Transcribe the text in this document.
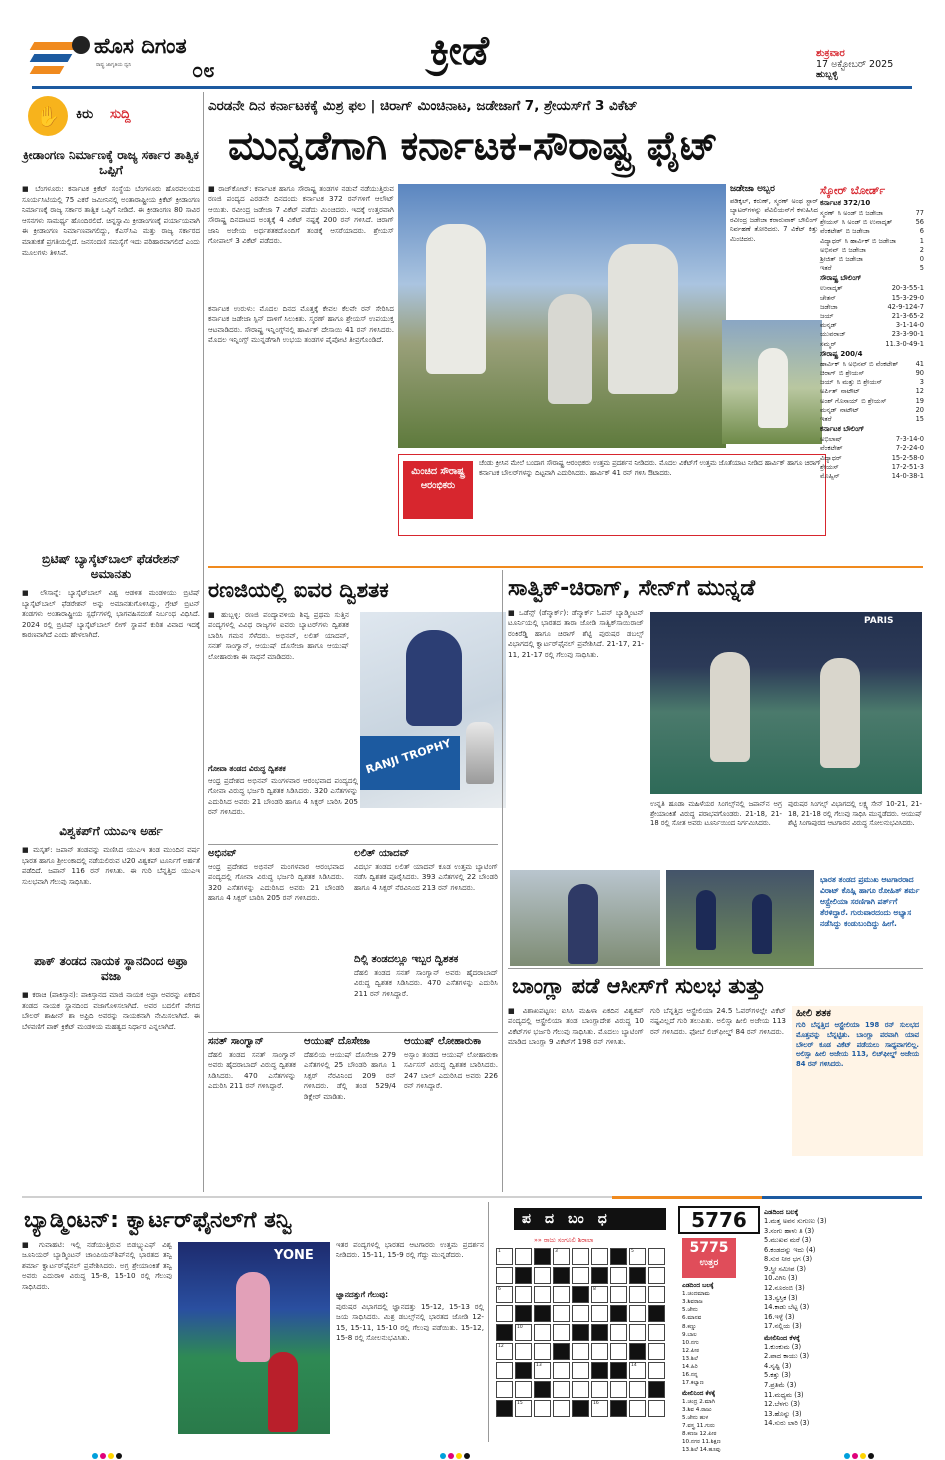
ಹೊಸ ದಿಗಂತ
ರಾಷ್ಟ್ರ ಜಾಗೃತಿಯ ಧ್ವನಿ	೦೮	ಕ್ರೀಡೆ	ಶುಕ್ರವಾರ
17 ಅಕ್ಟೋಬರ್ 2025
ಹುಬ್ಬಳ್ಳಿ
✋	ಕಿರು ಸುದ್ದಿ
ಕ್ರೀಡಾಂಗಣ ನಿರ್ಮಾಣಕ್ಕೆ ರಾಜ್ಯ ಸರ್ಕಾರ ತಾತ್ವಿಕ ಒಪ್ಪಿಗೆ
■ ಬೆಂಗಳೂರು: ಕರ್ನಾಟಕ ಕ್ರಿಕೆಟ್ ಸಂಸ್ಥೆಯ ಬೆಂಗಳೂರು ಹೊರವಲಯದ ಸೂರ್ಯಸಿಟಿಯಲ್ಲಿ 75 ಎಕರೆ ಜಮೀನಿನಲ್ಲಿ ಅಂತಾರಾಷ್ಟ್ರೀಯ ಕ್ರಿಕೆಟ್ ಕ್ರೀಡಾಂಗಣ ನಿರ್ಮಾಣಕ್ಕೆ ರಾಜ್ಯ ಸರ್ಕಾರ ತಾತ್ವಿಕ ಒಪ್ಪಿಗೆ ನೀಡಿದೆ. ಈ ಕ್ರೀಡಾಂಗಣ 80 ಸಾವಿರ ಆಸನಗಳು ಸಾಮರ್ಥ್ಯ ಹೊಂದಿರಲಿದೆ. ಚಿನ್ನಸ್ವಾಮಿ ಕ್ರೀಡಾಂಗಣಕ್ಕೆ ಪರ್ಯಾಯವಾಗಿ ಈ ಕ್ರೀಡಾಂಗಣ ನಿರ್ಮಾಣವಾಗಲಿದ್ದು, ಕೆಎಸ್‌ಸಿಎ ಮತ್ತು ರಾಜ್ಯ ಸರ್ಕಾರದ ಮಾತುಕತೆ ಪ್ರಗತಿಯಲ್ಲಿದೆ. ಜನಸಂದಣಿ ಸಮಸ್ಯೆಗೆ ಇದು ಪರಿಹಾರವಾಗಲಿದೆ ಎಂದು ಮೂಲಗಳು ತಿಳಿಸಿವೆ.
ಬ್ರಿಟಿಷ್ ಬ್ಯಾಸ್ಕೆಟ್‌ಬಾಲ್ ಫೆಡರೇಶನ್ ಅಮಾನತು
■ ಲೌಸಾನ್ನೆ: ಬ್ಯಾಸ್ಕೆಟ್‌ಬಾಲ್ ವಿಶ್ವ ಆಡಳಿತ ಮಂಡಳಿಯು ಬ್ರಿಟಿಷ್ ಬ್ಯಾಸ್ಕೆಟ್‌ಬಾಲ್ ಫೆಡರೇಶನ್ ಅನ್ನು ಅಮಾನತುಗೊಳಿಸಿದ್ದು, ಗ್ರೇಟ್ ಬ್ರಿಟನ್ ತಂಡಗಳು ಅಂತಾರಾಷ್ಟ್ರೀಯ ಸ್ಪರ್ಧೆಗಳಲ್ಲಿ ಭಾಗವಹಿಸದಂತೆ ನಿರ್ಬಂಧ ವಿಧಿಸಿದೆ. 2024 ರಲ್ಲಿ ಬ್ರಿಟಿಷ್ ಬ್ಯಾಸ್ಕೆಟ್‌ಬಾಲ್ ಲೀಗ್ ಸ್ಥಾಪನೆ ಕುರಿತ ವಿವಾದ ಇದಕ್ಕೆ ಕಾರಣವಾಗಿದೆ ಎಂದು ಹೇಳಲಾಗಿದೆ.
ವಿಶ್ವಕಪ್‌ಗೆ ಯುಎಇ ಅರ್ಹ
■ ಮಸ್ಕತ್: ಜಪಾನ್ ತಂಡವನ್ನು ಮಣಿಸಿದ ಯುಎಇ ತಂಡ ಮುಂದಿನ ವರ್ಷ ಭಾರತ ಹಾಗೂ ಶ್ರೀಲಂಕಾದಲ್ಲಿ ನಡೆಯಲಿರುವ ಟಿ20 ವಿಶ್ವಕಪ್ ಟೂರ್ನಿಗೆ ಅರ್ಹತೆ ಪಡೆದಿದೆ. ಜಪಾನ್ 116 ರನ್ ಗಳಿಸಿತು. ಈ ಗುರಿ ಬೆನ್ನತ್ತಿದ ಯುಎಇ ಸುಲಭವಾಗಿ ಗೆಲುವು ಸಾಧಿಸಿತು.
ಪಾಕ್ ತಂಡದ ನಾಯಕ ಸ್ಥಾನದಿಂದ ಅಫ್ರಾ ವಜಾ
■ ಕರಾಚಿ (ಪಾಕಿಸ್ತಾನ): ಪಾಕಿಸ್ತಾನದ ಮಾಜಿ ನಾಯಕ ಅಫ್ರಾ ಅವರನ್ನು ಏಕದಿನ ತಂಡದ ನಾಯಕ ಸ್ಥಾನದಿಂದ ವಜಾಗೊಳಿಸಲಾಗಿದೆ. ಅವರ ಬದಲಿಗೆ ವೇಗದ ಬೌಲರ್ ಶಾಹೀನ್ ಶಾ ಅಫ್ರಿದಿ ಅವರನ್ನು ನಾಯಕನಾಗಿ ನೇಮಿಸಲಾಗಿದೆ. ಈ ಬೆಳವಣಿಗೆ ಪಾಕ್ ಕ್ರಿಕೆಟ್ ಮಂಡಳಿಯ ಮಹತ್ವದ ನಿರ್ಧಾರ ಎನ್ನಲಾಗಿದೆ.
ಎರಡನೇ ದಿನ ಕರ್ನಾಟಕಕ್ಕೆ ಮಿಶ್ರ ಫಲ | ಚಿರಾಗ್ ಮಿಂಚಿನಾಟ, ಜಡೇಜಾಗೆ 7, ಶ್ರೇಯಸ್‌ಗೆ 3 ವಿಕೆಟ್
ಮುನ್ನಡೆಗಾಗಿ ಕರ್ನಾಟಕ-ಸೌರಾಷ್ಟ್ರ ಫೈಟ್
■ ರಾಜ್‌ಕೋಟ್: ಕರ್ನಾಟಕ ಹಾಗೂ ಸೌರಾಷ್ಟ್ರ ತಂಡಗಳ ನಡುವೆ ನಡೆಯುತ್ತಿರುವ ರಣಜಿ ಪಂದ್ಯದ ಎರಡನೇ ದಿನದಂದು ಕರ್ನಾಟಕ 372 ರನ್‌ಗಳಿಗೆ ಆಲೌಟ್ ಆಯಿತು. ರವೀಂದ್ರ ಜಡೇಜಾ 7 ವಿಕೆಟ್ ಪಡೆದು ಮಿಂಚಿದರು. ಇದಕ್ಕೆ ಉತ್ತರವಾಗಿ ಸೌರಾಷ್ಟ್ರ ದಿನದಾಟದ ಅಂತ್ಯಕ್ಕೆ 4 ವಿಕೆಟ್ ನಷ್ಟಕ್ಕೆ 200 ರನ್ ಗಳಿಸಿದೆ. ಚಿರಾಗ್ ಜಾನಿ ಅಜೇಯ ಅರ್ಧಶತಕದೊಂದಿಗೆ ತಂಡಕ್ಕೆ ಆಸರೆಯಾದರು. ಶ್ರೇಯಸ್ ಗೋಪಾಲ್ 3 ವಿಕೆಟ್ ಪಡೆದರು.
ಕರ್ನಾಟಕ ಉರುಳು: ಮೊದಲ ದಿನದ ಮೊತ್ತಕ್ಕೆ ಕೇವಲ ಕೆಲವೇ ರನ್ ಸೇರಿಸಿದ ಕರ್ನಾಟಕ ಜಡೇಜಾ ಸ್ಪಿನ್ ದಾಳಿಗೆ ಸಿಲುಕಿತು. ಸ್ಮರಣ್ ಹಾಗೂ ಶ್ರೇಯಸ್ ಉಪಯುಕ್ತ ಆಟವಾಡಿದರು. ಸೌರಾಷ್ಟ್ರ ಇನ್ನಿಂಗ್ಸ್‌ನಲ್ಲಿ ಹಾರ್ವಿಕ್ ದೇಸಾಯಿ 41 ರನ್ ಗಳಿಸಿದರು. ಮೊದಲ ಇನ್ನಿಂಗ್ಸ್ ಮುನ್ನಡೆಗಾಗಿ ಉಭಯ ತಂಡಗಳ ಪೈಪೋಟಿ ತೀವ್ರಗೊಂಡಿದೆ.
ಜಡೇಜಾ ಅಬ್ಬರ
ಪಡಿಕ್ಕಲ್, ಕರುಣ್, ಸ್ಮರಣ್ ಅಂಥ ಸ್ಟಾರ್ ಬ್ಯಾಟರ್‌ಗಳನ್ನು ಪೆವಿಲಿಯನ್‌ಗೆ ಕಳುಹಿಸಿದ ರವೀಂದ್ರ ಜಡೇಜಾ ಕರಾರುವಾಕ್ ಬೌಲಿಂಗ್ ನಿರ್ವಹಣೆ ತೋರಿದರು. 7 ವಿಕೆಟ್ ಕಿತ್ತು ಮಿಂಚಿದರು.
ಮಿಂಚಿದ ಸೌರಾಷ್ಟ್ರ ಆರಂಭಿಕರು
ಚೆಂಡು ಕ್ರೀಸಿನ ಮೇಲೆ ಬಂದಾಗ ಸೌರಾಷ್ಟ್ರ ಆರಂಭಿಕರು ಉತ್ತಮ ಪ್ರದರ್ಶನ ನೀಡಿದರು. ಮೊದಲ ವಿಕೆಟ್‌ಗೆ ಉತ್ತಮ ಜೊತೆಯಾಟ ನೀಡಿದ ಹಾರ್ವಿಕ್ ಹಾಗೂ ಚಿರಾಗ್ ಕರ್ನಾಟಕ ಬೌಲರ್‌ಗಳನ್ನು ದಿಟ್ಟವಾಗಿ ಎದುರಿಸಿದರು. ಹಾರ್ವಿಕ್ 41 ರನ್ ಗಳಿಸಿ ಔಟಾದರು.
ಸ್ಕೋರ್ ಬೋರ್ಡ್
ಕರ್ನಾಟಕ 372/10
ಸ್ಮರಣ್ ಸಿ ಅಂಡ್ ಬಿ ಜಡೇಜಾ	77
ಶ್ರೇಯಸ್ ಸಿ ಅಂಡ್ ಬಿ ಉನಾದ್ಕತ್	56
ವೆಂಕಟೇಶ್ ಬಿ ಜಡೇಜಾ	6
ವಿದ್ಯಾಧರ್ ಸಿ ಹಾರ್ವಿಕ್ ಬಿ ಜಡೇಜಾ	1
ಅಭಿನವ್ ಬಿ ಜಡೇಜಾ	2
ಶ್ರೀಜಿತ್ ಬಿ ಜಡೇಜಾ	0
ಇತರೆ	5
ಸೌರಾಷ್ಟ್ರ ಬೌಲಿಂಗ್
ಉನಾದ್ಕತ್	20-3-55-1
ಚೇತನ್	15-3-29-0
ಜಡೇಜಾ	42-9-124-7
ಜಯ್	21-3-65-2
ಮನ್ಕಡ್	3-1-14-0
ಯುವರಾಜ್	23-3-90-1
ಸಮ್ಮರ್	11.3-0-49-1
ಸೌರಾಷ್ಟ್ರ 200/4
ಹಾರ್ವಿಕ್ ಸಿ ಅಭಿನವ್ ಬಿ ವೆಂಕಟೇಶ್	41
ಚಿರಾಗ್ ಬಿ ಶ್ರೇಯಸ್	90
ಜಯ್ ಸಿ ಮತ್ತು ಬಿ ಶ್ರೇಯಸ್	3
ಅರ್ಪಿತ್ ನಾಟೌಟ್	12
ಅಂಶ್ ಗೊಸಾಯ್ ಬಿ ಶ್ರೇಯಸ್	19
ಮನ್ಕಡ್ ನಾಟೌಟ್	20
ಇತರೆ	15
ಕರ್ನಾಟಕ ಬೌಲಿಂಗ್
ಅಭಿಲಾಷ್	7-3-14-0
ವೆಂಕಟೇಶ್	7-2-24-0
ವಿದ್ಯಾಧರ್	15-2-58-0
ಶ್ರೇಯಸ್	17-2-51-3
ಮೊಹ್ಸಿನ್	14-0-38-1
ರಣಜಿಯಲ್ಲಿ ಐವರ ದ್ವಿಶತಕ
■ ಹುಬ್ಬಳ್ಳಿ: ರಣಜಿ ಪಂದ್ಯಾವಳಿಯ ಶಿವ್ವ ಪ್ರಥಮ ಸುತ್ತಿನ ಪಂದ್ಯಗಳಲ್ಲಿ ವಿವಿಧ ರಾಜ್ಯಗಳ ಐವರು ಬ್ಯಾಟರ್‌ಗಳು ದ್ವಿಶತಕ ಬಾರಿಸಿ ಗಮನ ಸೆಳೆದರು. ಅಭಿನವ್, ಲಲಿತ್ ಯಾದವ್, ಸನತ್ ಸಾಂಗ್ವಾನ್, ಆಯುಷ್ ದೊಸೇಜಾ ಹಾಗೂ ಆಯುಷ್ ಲೋಹಾರುಕಾ ಈ ಸಾಧನೆ ಮಾಡಿದರು.
RANJI TROPHY
ಗೋವಾ ತಂಡದ ವಿರುದ್ಧ ದ್ವಿಶತಕ
ಆಂಧ್ರ ಪ್ರದೇಶದ ಅಭಿನವ್ ಮಂಗಳವಾರ ಆರಂಭವಾದ ಪಂದ್ಯದಲ್ಲಿ ಗೋವಾ ವಿರುದ್ಧ ಭರ್ಜರಿ ದ್ವಿಶತಕ ಸಿಡಿಸಿದರು. 320 ಎಸೆತಗಳನ್ನು ಎದುರಿಸಿದ ಅವರು 21 ಬೌಂಡರಿ ಹಾಗೂ 4 ಸಿಕ್ಸರ್ ಬಾರಿಸಿ 205 ರನ್ ಗಳಿಸಿದರು.
ಅಭಿನವ್
ಆಂಧ್ರ ಪ್ರದೇಶದ ಅಭಿನವ್ ಮಂಗಳವಾರ ಆರಂಭವಾದ ಪಂದ್ಯದಲ್ಲಿ ಗೋವಾ ವಿರುದ್ಧ ಭರ್ಜರಿ ದ್ವಿಶತಕ ಸಿಡಿಸಿದರು. 320 ಎಸೆತಗಳನ್ನು ಎದುರಿಸಿದ ಅವರು 21 ಬೌಂಡರಿ ಹಾಗೂ 4 ಸಿಕ್ಸರ್ ಬಾರಿಸಿ 205 ರನ್ ಗಳಿಸಿದರು.
ಲಲಿತ್ ಯಾದವ್
ವಿದರ್ಭ ತಂಡದ ಲಲಿತ್ ಯಾದವ್ ಕೂಡ ಉತ್ತಮ ಬ್ಯಾಟಿಂಗ್ ನಡೆಸಿ ದ್ವಿಶತಕ ಪೂರೈಸಿದರು. 393 ಎಸೆತಗಳಲ್ಲಿ 22 ಬೌಂಡರಿ ಹಾಗೂ 4 ಸಿಕ್ಸರ್ ನೆರವಿನಿಂದ 213 ರನ್ ಗಳಿಸಿದರು.
ದಿಲ್ಲಿ ತಂಡದಲ್ಲೂ ಇಬ್ಬರ ದ್ವಿಶತಕ
ದೆಹಲಿ ತಂಡದ ಸನತ್ ಸಾಂಗ್ವಾನ್ ಅವರು ಹೈದರಾಬಾದ್ ವಿರುದ್ಧ ದ್ವಿಶತಕ ಸಿಡಿಸಿದರು. 470 ಎಸೆತಗಳನ್ನು ಎದುರಿಸಿ 211 ರನ್ ಗಳಿಸಿದ್ದಾರೆ.
ಸನತ್ ಸಾಂಗ್ವಾನ್
ದೆಹಲಿ ತಂಡದ ಸನತ್ ಸಾಂಗ್ವಾನ್ ಅವರು ಹೈದರಾಬಾದ್ ವಿರುದ್ಧ ದ್ವಿಶತಕ ಸಿಡಿಸಿದರು. 470 ಎಸೆತಗಳನ್ನು ಎದುರಿಸಿ 211 ರನ್ ಗಳಿಸಿದ್ದಾರೆ.
ಆಯುಷ್ ದೊಸೇಜಾ
ದೆಹಲಿಯ ಆಯುಷ್ ದೊಸೇಜಾ 279 ಎಸೆತಗಳಲ್ಲಿ 25 ಬೌಂಡರಿ ಹಾಗೂ 1 ಸಿಕ್ಸರ್ ನೆರವಿನಿಂದ 209 ರನ್ ಗಳಿಸಿದರು. ಡೆಲ್ಲಿ ತಂಡ 529/4 ಡಿಕ್ಲೇರ್ ಮಾಡಿತು.
ಆಯುಷ್ ಲೋಹಾರುಕಾ
ಅಸ್ಸಾಂ ತಂಡದ ಆಯುಷ್ ಲೋಹಾರುಕಾ ಸರ್ವಿಸಸ್ ವಿರುದ್ಧ ದ್ವಿಶತಕ ಬಾರಿಸಿದರು. 247 ಬಾಲ್ ಎದುರಿಸಿದ ಅವರು 226 ರನ್ ಗಳಿಸಿದ್ದಾರೆ.
ಸಾತ್ವಿಕ್-ಚಿರಾಗ್, ಸೇನ್‌ಗೆ ಮುನ್ನಡೆ
■ ಒಡೆನ್ಸ್ (ಡೆನ್ಮಾರ್ಕ್): ಡೆನ್ಮಾರ್ಕ್ ಓಪನ್ ಬ್ಯಾಡ್ಮಿಂಟನ್ ಟೂರ್ನಿಯಲ್ಲಿ ಭಾರತದ ತಾರಾ ಜೋಡಿ ಸಾತ್ವಿಕ್‌ಸಾಯಿರಾಜ್ ರಂಕಿರೆಡ್ಡಿ ಹಾಗೂ ಚಿರಾಗ್ ಶೆಟ್ಟಿ ಪುರುಷರ ಡಬಲ್ಸ್ ವಿಭಾಗದಲ್ಲಿ ಕ್ವಾರ್ಟರ್‌ಫೈನಲ್ ಪ್ರವೇಶಿಸಿದೆ. 21-17, 21-11, 21-17 ರಲ್ಲಿ ಗೆಲುವು ಸಾಧಿಸಿತು.
PARIS
ಉನ್ನತಿ ಹೂಡಾ ಮಹಿಳೆಯರ ಸಿಂಗಲ್ಸ್‌ನಲ್ಲಿ ಜಪಾನ್‌ನ ಅಗ್ರ ಶ್ರೇಯಾಂಕಿತೆ ವಿರುದ್ಧ ಪರಾಭವಗೊಂಡರು. 21-18, 21-18 ರಲ್ಲಿ ಸೋತ ಅವರು ಟೂರ್ನಿಯಿಂದ ನಿರ್ಗಮಿಸಿದರು.
ಪುರುಷರ ಸಿಂಗಲ್ಸ್ ವಿಭಾಗದಲ್ಲಿ ಲಕ್ಷ್ಯ ಸೇನ್ 10-21, 21-18, 21-18 ರಲ್ಲಿ ಗೆಲುವು ಸಾಧಿಸಿ ಮುನ್ನಡೆದರು. ಆಯುಷ್ ಶೆಟ್ಟಿ ಸಿಂಗಾಪುರದ ಆಟಗಾರನ ವಿರುದ್ಧ ಸೋಲನುಭವಿಸಿದರು.
ಭಾರತ ತಂಡದ ಪ್ರಮುಖ ಆಟಗಾರರಾದ ವಿರಾಟ್ ಕೊಹ್ಲಿ ಹಾಗೂ ರೋಹಿತ್ ಶರ್ಮ ಆಸ್ಟ್ರೇಲಿಯಾ ಸರಣಿಗಾಗಿ ಪರ್ತ್‌ಗೆ ತೆರಳಿದ್ದಾರೆ. ಗುರುವಾರದಂದು ಅಭ್ಯಾಸ ನಡೆಸಿದ್ದು ಕಂಡುಬಂದಿದ್ದು ಹೀಗೆ.
ಬಾಂಗ್ಲಾ ಪಡೆ ಆಸೀಸ್‌ಗೆ ಸುಲಭ ತುತ್ತು
■ ವಿಶಾಖಪಟ್ಟಣ: ಐಸಿಸಿ ಮಹಿಳಾ ಏಕದಿನ ವಿಶ್ವಕಪ್ ಪಂದ್ಯದಲ್ಲಿ ಆಸ್ಟ್ರೇಲಿಯಾ ತಂಡ ಬಾಂಗ್ಲಾದೇಶ ವಿರುದ್ಧ 10 ವಿಕೆಟ್‌ಗಳ ಭರ್ಜರಿ ಗೆಲುವು ಸಾಧಿಸಿತು. ಮೊದಲು ಬ್ಯಾಟಿಂಗ್ ಮಾಡಿದ ಬಾಂಗ್ಲಾ 9 ವಿಕೆಟ್‌ಗೆ 198 ರನ್ ಗಳಿಸಿತು.
ಗುರಿ ಬೆನ್ನತ್ತಿದ ಆಸ್ಟ್ರೇಲಿಯಾ 24.5 ಓವರ್‌ಗಳಲ್ಲೇ ವಿಕೆಟ್ ನಷ್ಟವಿಲ್ಲದೆ ಗುರಿ ತಲುಪಿತು. ಅಲಿಸ್ಸಾ ಹೀಲಿ ಅಜೇಯ 113 ರನ್ ಗಳಿಸಿದರು. ಫೋಬೆ ಲಿಚ್‌ಫೀಲ್ಡ್ 84 ರನ್ ಗಳಿಸಿದರು.
ಹೀಲಿ ಶತಕ
ಗುರಿ ಬೆನ್ನತ್ತಿದ ಆಸ್ಟ್ರೇಲಿಯಾ 198 ರನ್ ಸುಲಭದ ಮೊತ್ತವನ್ನು ಬೆನ್ನಟ್ಟಿತು. ಬಾಂಗ್ಲಾ ಪರವಾಗಿ ಯಾವ ಬೌಲರ್ ಕೂಡ ವಿಕೆಟ್ ಪಡೆಯಲು ಸಾಧ್ಯವಾಗಲಿಲ್ಲ. ಅಲಿಸ್ಸಾ ಹೀಲಿ ಅಜೇಯ 113, ಲಿಚ್‌ಫೀಲ್ಡ್ ಅಜೇಯ 84 ರನ್ ಗಳಿಸಿದರು.
ಬ್ಯಾಡ್ಮಿಂಟನ್: ಕ್ವಾರ್ಟರ್‌ಫೈನಲ್‌ಗೆ ತನ್ವಿ
■ ಗುವಾಹಟಿ: ಇಲ್ಲಿ ನಡೆಯುತ್ತಿರುವ ಬಿಡಬ್ಲ್ಯುಎಫ್ ವಿಶ್ವ ಜೂನಿಯರ್ ಬ್ಯಾಡ್ಮಿಂಟನ್ ಚಾಂಪಿಯನ್‌ಶಿಪ್‌ನಲ್ಲಿ ಭಾರತದ ತನ್ವಿ ಶರ್ಮಾ ಕ್ವಾರ್ಟರ್‌ಫೈನಲ್ ಪ್ರವೇಶಿಸಿದರು. ಅಗ್ರ ಶ್ರೇಯಾಂಕಿತೆ ತನ್ವಿ ಅವರು ಎದುರಾಳಿ ವಿರುದ್ಧ 15-8, 15-10 ರಲ್ಲಿ ಗೆಲುವು ಸಾಧಿಸಿದರು.
YONE
ಇತರ ಪಂದ್ಯಗಳಲ್ಲಿ ಭಾರತದ ಆಟಗಾರರು ಉತ್ತಮ ಪ್ರದರ್ಶನ ನೀಡಿದರು. 15-11, 15-9 ರಲ್ಲಿ ಗೆದ್ದು ಮುನ್ನಡೆದರು.
ಜ್ಞಾನದತ್ತುಗೆ ಗೆಲುವು:
ಪುರುಷರ ವಿಭಾಗದಲ್ಲಿ ಜ್ಞಾನದತ್ತು 15-12, 15-13 ರಲ್ಲಿ ಜಯ ಸಾಧಿಸಿದರು. ಮಿಶ್ರ ಡಬಲ್ಸ್‌ನಲ್ಲಿ ಭಾರತದ ಜೋಡಿ 12-15, 15-11, 15-10 ರಲ್ಲಿ ಗೆಲುವು ಪಡೆಯಿತು. 15-12, 15-8 ರಲ್ಲಿ ಸೋಲನುಭವಿಸಿತು.
ಪದಬಂಧ
»» ರಾಜು ಸಂಗೂಲಿ ಶಿರಾಲಾ
5776
5775
ಉತ್ತರ
1	3	5
6	8
10
12
13	14
15	16
ಎಡದಿಂದ ಬಲಕ್ಕೆ
1.ಚಂದಮಾಮ
3.ಶಿವರಾಜ
5.ಜೇನು
6.ಮಾನವ
8.ಕಣ್ಣು
9.ಬಾಲ
10.ನಗು
12.ಪೀಠ
13.ಶಿಲೆ
14.ಹಿರಿ
16.ನನ್ನ
17.ಕಲ್ಯಾಣ
ಮೇಲಿನಿಂದ ಕೆಳಕ್ಕೆ
1.ಚಂದ್ರ 2.ಮಾಗಿ
3.ಶಿವ 4.ರಾಜು
5.ಜೇನು ಹುಳ
7.ವಸ್ತ್ರ 11.ಗುರು
8.ಕಣಜ 12.ಪೀಠ
10.ನಗರ 11.ಶಿಕ್ಷಣ
13.ಶಿಲೆ 14.ಹೂವು
ಎಡದಿಂದ ಬಲಕ್ಕೆ
1.ಮತ್ತ ಅವನ ಸುಗುಣು (3)
3.ಸಂಗು ಹಾಳು ತಿ (3)
5.ಮುಖವ ಮರೆ (3)
6.ಕಂಡದನ್ನು ಇದು (4)
8.ಸುರ ನೀರ ಭಗ (3)
9.ಸ್ತ್ರೀ ಸಮೀಪ (3)
10.ವಿಗಿನಿ (3)
12.ನೂರಂಬಿ (3)
13.ಸ್ವಸ್ತಿಕ (3)
14.ಕಾಡು ಬೆಟ್ಟ (3)
16.ಇಳ್ಳೆ (3)
17.ನಲ್ಲಿಯ (3)
ಮೇಲಿನಿಂದ ಕೆಳಕ್ಕೆ
1.ಕುಂಕುಮ (3)
2.ಪಾದ ಕಾಯು (3)
4.ಸೃಷ್ಟಿ (3)
5.ಕತ್ತು (3)
7.ಪ್ರತಿಮೆ (3)
11.ಮಧ್ಯಮ (3)
12.ಬೆಳಗು (3)
13.ಹೊನ್ನು (3)
14.ಸುರು ಲಾರಿ (3)
